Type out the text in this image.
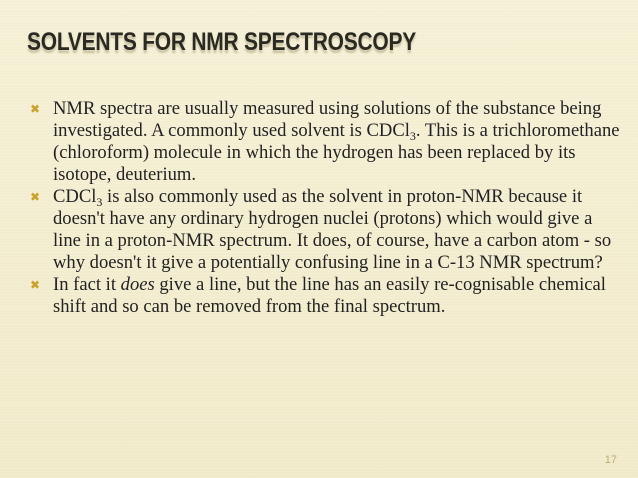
SOLVENTS FOR NMR SPECTROSCOPY
✖ NMR spectra are usually measured using solutions of the substance being investigated. A commonly used solvent is CDCl$_3$. This is a trichloromethane (chloroform) molecule in which the hydrogen has been replaced by its isotope, deuterium.
✖ CDCl$_3$ is also commonly used as the solvent in proton-NMR because it doesn't have any ordinary hydrogen nuclei (protons) which would give a line in a proton-NMR spectrum. It does, of course, have a carbon atom - so why doesn't it give a potentially confusing line in a C-13 NMR spectrum?
✖ In fact it does give a line, but the line has an easily re-cognisable chemical shift and so can be removed from the final spectrum.
17
